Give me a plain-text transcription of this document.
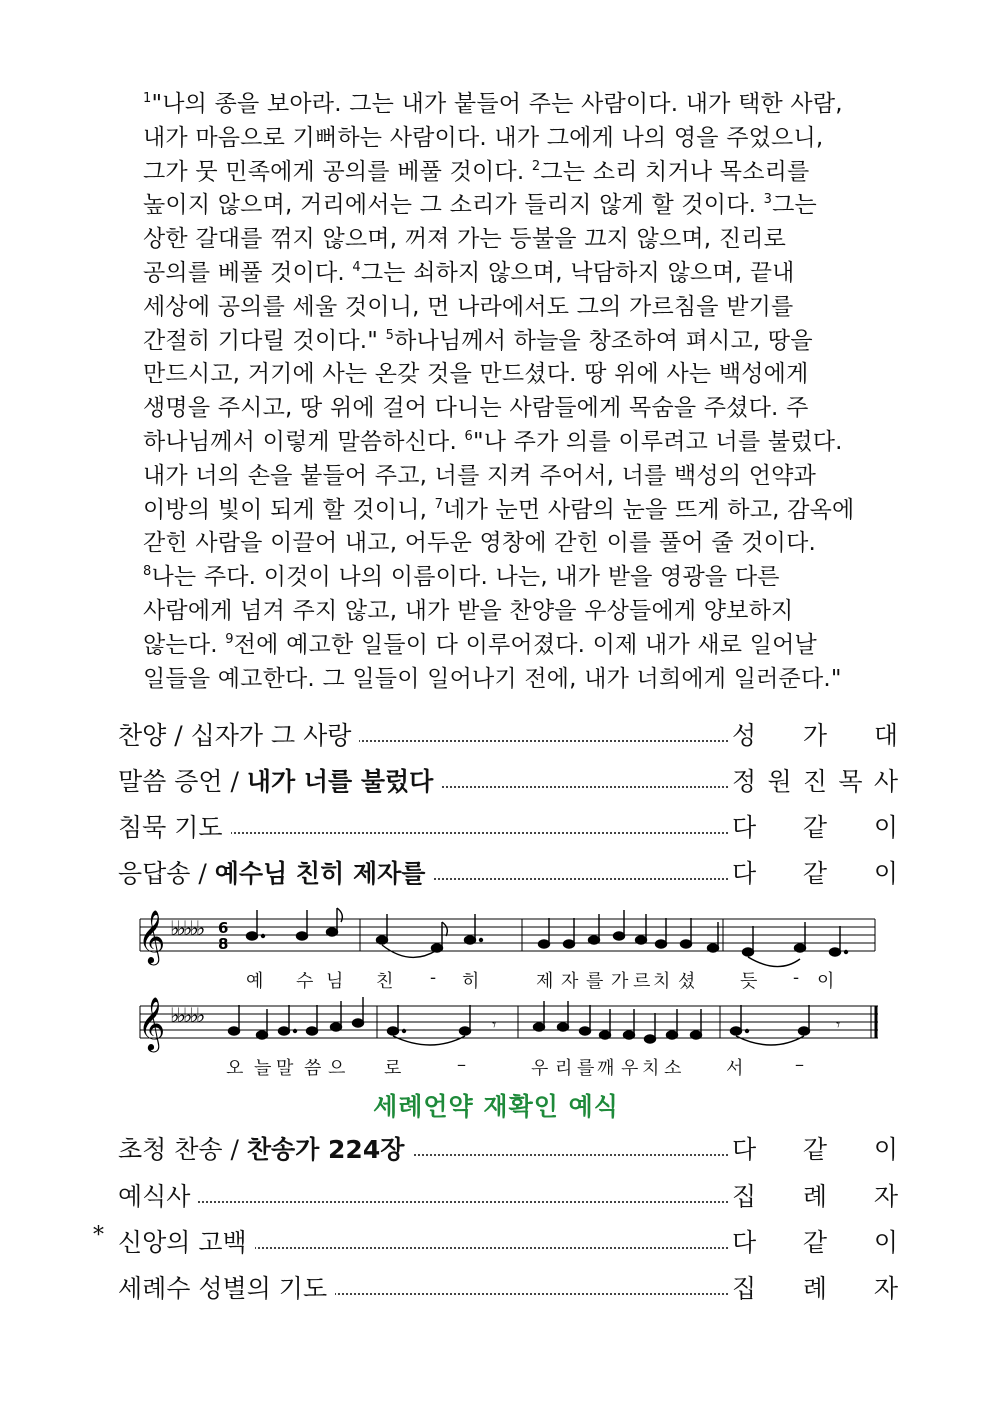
$^1$"나의 종을 보아라. 그는 내가 붙들어 주는 사람이다. 내가 택한 사람,
내가 마음으로 기뻐하는 사람이다. 내가 그에게 나의 영을 주었으니,
그가 뭇 민족에게 공의를 베풀 것이다. $^2$그는 소리 치거나 목소리를
높이지 않으며, 거리에서는 그 소리가 들리지 않게 할 것이다. $^3$그는
상한 갈대를 꺾지 않으며, 꺼져 가는 등불을 끄지 않으며, 진리로
공의를 베풀 것이다. $^4$그는 쇠하지 않으며, 낙담하지 않으며, 끝내
세상에 공의를 세울 것이니, 먼 나라에서도 그의 가르침을 받기를
간절히 기다릴 것이다." $^5$하나님께서 하늘을 창조하여 펴시고, 땅을
만드시고, 거기에 사는 온갖 것을 만드셨다. 땅 위에 사는 백성에게
생명을 주시고, 땅 위에 걸어 다니는 사람들에게 목숨을 주셨다. 주
하나님께서 이렇게 말씀하신다. $^6$"나 주가 의를 이루려고 너를 불렀다.
내가 너의 손을 붙들어 주고, 너를 지켜 주어서, 너를 백성의 언약과
이방의 빛이 되게 할 것이니, $^7$네가 눈먼 사람의 눈을 뜨게 하고, 감옥에
갇힌 사람을 이끌어 내고, 어두운 영창에 갇힌 이를 풀어 줄 것이다.
$^8$나는 주다. 이것이 나의 이름이다. 나는, 내가 받을 영광을 다른
사람에게 넘겨 주지 않고, 내가 받을 찬양을 우상들에게 양보하지
않는다. $^9$전에 예고한 일들이 다 이루어졌다. 이제 내가 새로 일어날
일들을 예고한다. 그 일들이 일어나기 전에, 내가 너희에게 일러준다."
찬양 / 십자가 그 사랑	성 가 대
말씀 증언 / 내가 너를 불렀다	정 원 진 목 사
침묵 기도	다 같 이
응답송 / 예수님 친히 제자를	다 같 이
𝄞 ♭♭♭♭♭ 6
8
예 수 님 친 - 히	제 자 를 가 르 치 셨 듯 - 이
𝄞 ♭♭♭♭♭	𝄾	𝄾
오 늘 말 씀 으 로	–	우 리 를 깨 우 치 소 서	–
세례언약 재확인 예식
초청 찬송 / 찬송가 224장	다 같 이
예식사	집 례 자
* 신앙의 고백	다 같 이
세례수 성별의 기도	집 례 자
